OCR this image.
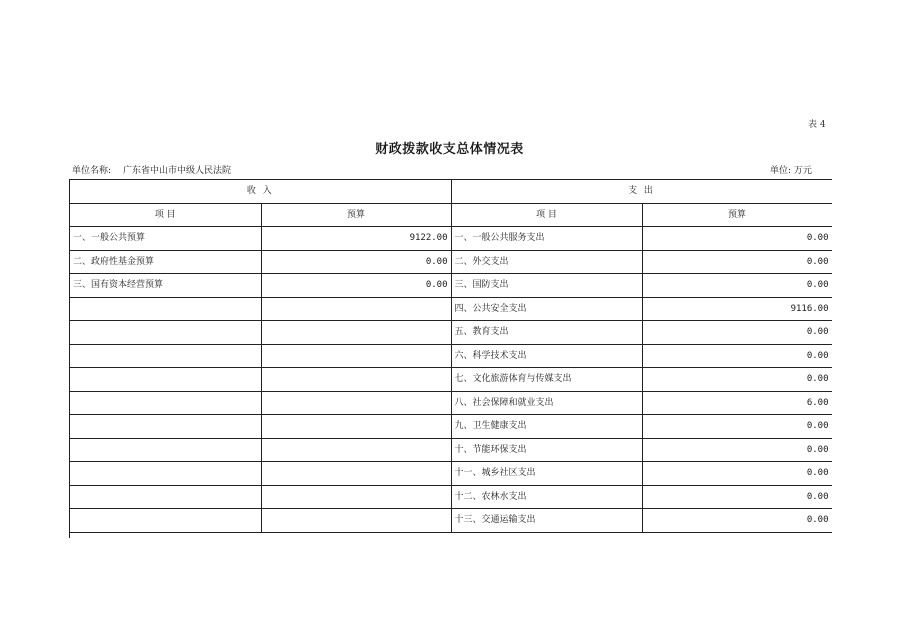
表 4
财政拨款收支总体情况表
单位名称: 广东省中山市中级人民法院	单位: 万元
收 入		支 出	
项 目	预算	项 目	预算
一、一般公共预算	9122.00	一、一般公共服务支出	0.00
二、政府性基金预算	0.00	二、外交支出	0.00
三、国有资本经营预算	0.00	三、国防支出	0.00
		四、公共安全支出	9116.00
		五、教育支出	0.00
		六、科学技术支出	0.00
		七、文化旅游体育与传媒支出	0.00
		八、社会保障和就业支出	6.00
		九、卫生健康支出	0.00
		十、节能环保支出	0.00
		十一、城乡社区支出	0.00
		十二、农林水支出	0.00
		十三、交通运输支出	0.00
